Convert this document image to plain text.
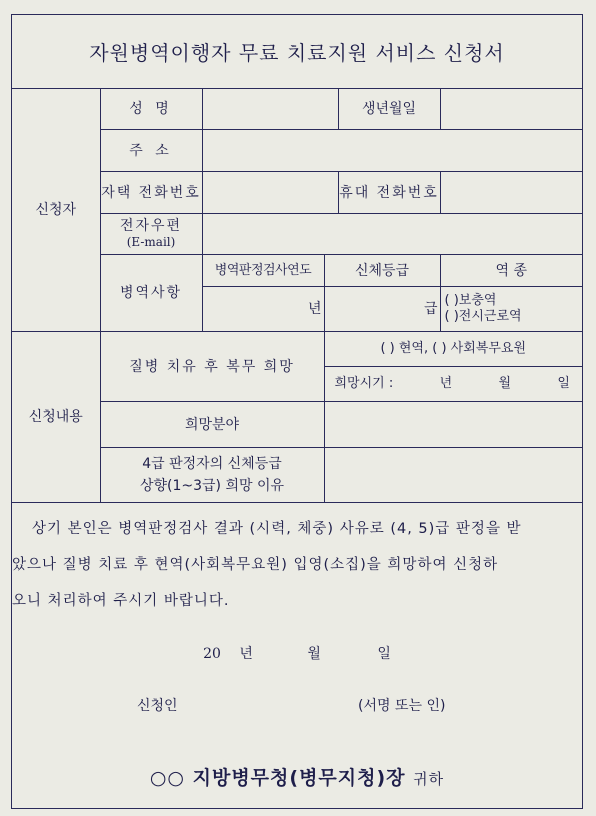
자원병역이행자 무료 치료지원 서비스 신청서
신청자	성 명			생년월일	
	주 소				
	자택 전화번호			휴대 전화번호	

	전자우편
(E-mail)				

	병역사항	병역판정검사연도	신체등급		역 종
		년	급		( )보충역
( )전시근로역

신청내용	질병 치유 후 복무 희망		( ) 현역, ( ) 사회복무요원		

			희망시기 : 년 월 일		

	희망분야				

	4급 판정자의 신체등급
상향(1~3급) 희망 이유				

상기 본인은 병역판정검사 결과 (시력, 체중) 사유로 (4, 5)급 판정을 받
았으나 질병 치료 후 현역(사회복무요원) 입영(소집)을 희망하여 신청하
오니 처리하여 주시기 바랍니다.
20 년	월	일
신청인	(서명 또는 인)
○○ 지방병무청(병무지청)장 귀하
